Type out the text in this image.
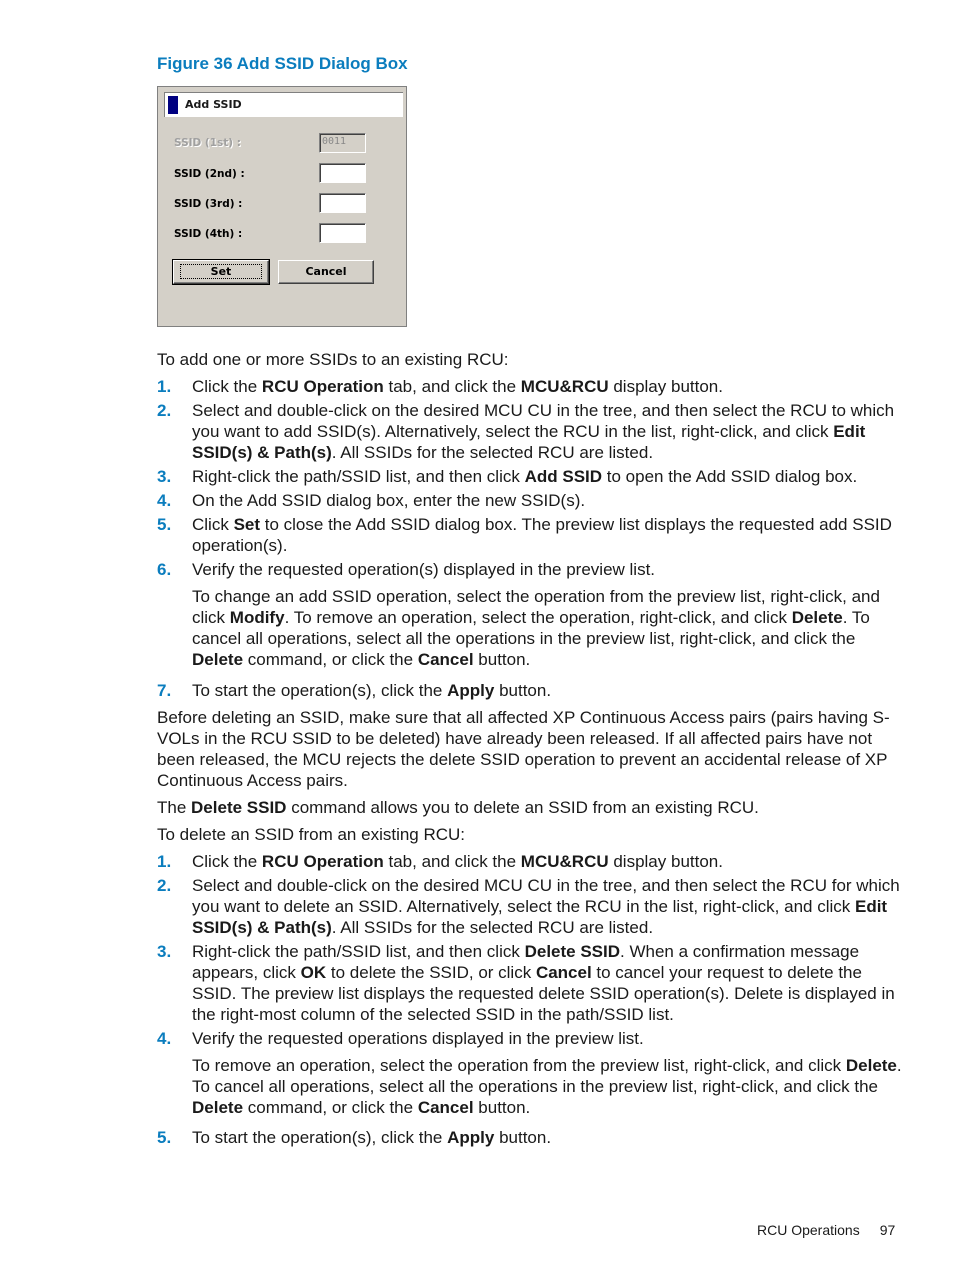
Figure 36 Add SSID Dialog Box
Add SSID
SSID (1st) :	0011
SSID (2nd) :
SSID (3rd) :
SSID (4th) :
Set	Cancel
To add one or more SSIDs to an existing RCU:
Before deleting an SSID, make sure that all affected XP Continuous Access pairs (pairs having S-VOLs in the RCU SSID to be deleted) have already been released. If all affected pairs have not been released, the MCU rejects the delete SSID operation to prevent an accidental release of XP Continuous Access pairs.
The Delete SSID command allows you to delete an SSID from an existing RCU.
To delete an SSID from an existing RCU:
RCU Operations 97
1. Click the RCU Operation tab, and click the MCU&RCU display button.
2. Select and double-click on the desired MCU CU in the tree, and then select the RCU to which you want to add SSID(s). Alternatively, select the RCU in the list, right-click, and click Edit SSID(s) & Path(s). All SSIDs for the selected RCU are listed.
3. Right-click the path/SSID list, and then click Add SSID to open the Add SSID dialog box.
4. On the Add SSID dialog box, enter the new SSID(s).
5. Click Set to close the Add SSID dialog box. The preview list displays the requested add SSID operation(s).
6. Verify the requested operation(s) displayed in the preview list.
7. To start the operation(s), click the Apply button.
To change an add SSID operation, select the operation from the preview list, right-click, and click Modify. To remove an operation, select the operation, right-click, and click Delete. To cancel all operations, select all the operations in the preview list, right-click, and click the Delete command, or click the Cancel button.
1. Click the RCU Operation tab, and click the MCU&RCU display button.
2. Select and double-click on the desired MCU CU in the tree, and then select the RCU for which you want to delete an SSID. Alternatively, select the RCU in the list, right-click, and click Edit SSID(s) & Path(s). All SSIDs for the selected RCU are listed.
3. Right-click the path/SSID list, and then click Delete SSID. When a confirmation message appears, click OK to delete the SSID, or click Cancel to cancel your request to delete the SSID. The preview list displays the requested delete SSID operation(s). Delete is displayed in the right-most column of the selected SSID in the path/SSID list.
4. Verify the requested operations displayed in the preview list.
5. To start the operation(s), click the Apply button.
To remove an operation, select the operation from the preview list, right-click, and click Delete. To cancel all operations, select all the operations in the preview list, right-click, and click the Delete command, or click the Cancel button.
